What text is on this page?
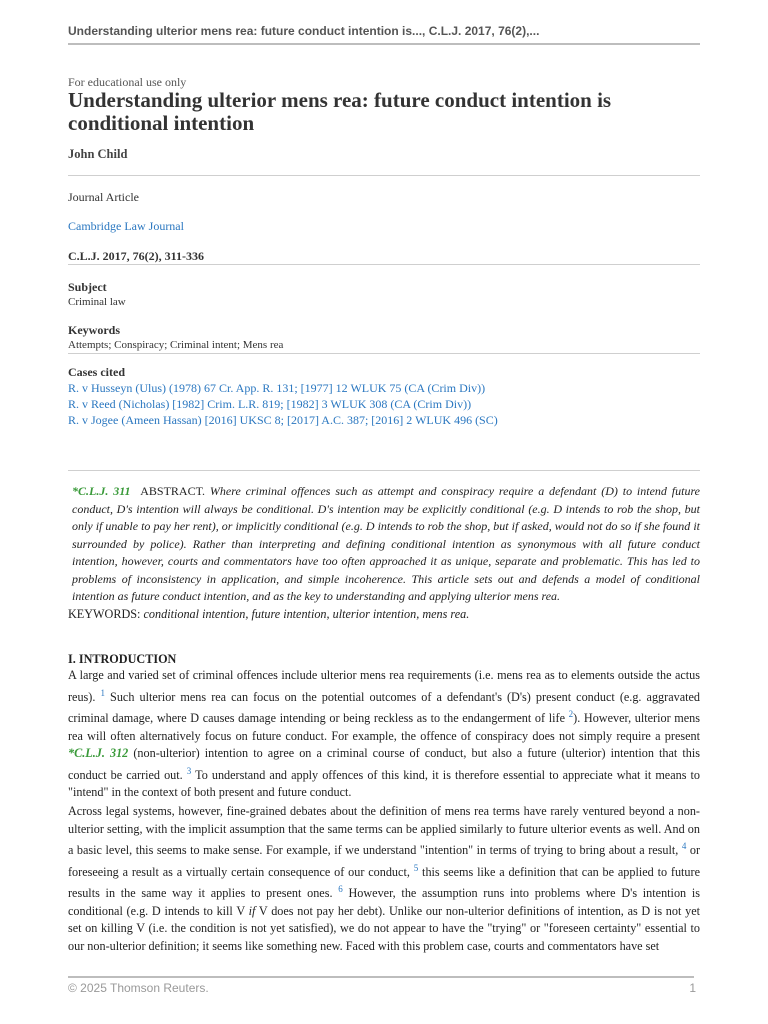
Understanding ulterior mens rea: future conduct intention is..., C.L.J. 2017, 76(2),...
For educational use only
Understanding ulterior mens rea: future conduct intention is conditional intention
John Child
Journal Article
Cambridge Law Journal
C.L.J. 2017, 76(2), 311-336
Subject
Criminal law
Keywords
Attempts; Conspiracy; Criminal intent; Mens rea
Cases cited
R. v Husseyn (Ulus) (1978) 67 Cr. App. R. 131; [1977] 12 WLUK 75 (CA (Crim Div))
R. v Reed (Nicholas) [1982] Crim. L.R. 819; [1982] 3 WLUK 308 (CA (Crim Div))
R. v Jogee (Ameen Hassan) [2016] UKSC 8; [2017] A.C. 387; [2016] 2 WLUK 496 (SC)
*C.L.J. 311 ABSTRACT. Where criminal offences such as attempt and conspiracy require a defendant (D) to intend future conduct, D's intention will always be conditional. D's intention may be explicitly conditional (e.g. D intends to rob the shop, but only if unable to pay her rent), or implicitly conditional (e.g. D intends to rob the shop, but if asked, would not do so if she found it surrounded by police). Rather than interpreting and defining conditional intention as synonymous with all future conduct intention, however, courts and commentators have too often approached it as unique, separate and problematic. This has led to problems of inconsistency in application, and simple incoherence. This article sets out and defends a model of conditional intention as future conduct intention, and as the key to understanding and applying ulterior mens rea.
KEYWORDS: conditional intention, future intention, ulterior intention, mens rea.
I. INTRODUCTION
A large and varied set of criminal offences include ulterior mens rea requirements (i.e. mens rea as to elements outside the actus reus). $^1$ Such ulterior mens rea can focus on the potential outcomes of a defendant's (D's) present conduct (e.g. aggravated criminal damage, where D causes damage intending or being reckless as to the endangerment of life $^2$). However, ulterior mens rea will often alternatively focus on future conduct. For example, the offence of conspiracy does not simply require a present *C.L.J. 312 (non-ulterior) intention to agree on a criminal course of conduct, but also a future (ulterior) intention that this conduct be carried out. $^3$ To understand and apply offences of this kind, it is therefore essential to appreciate what it means to "intend" in the context of both present and future conduct.
Across legal systems, however, fine-grained debates about the definition of mens rea terms have rarely ventured beyond a non-ulterior setting, with the implicit assumption that the same terms can be applied similarly to future ulterior events as well. And on a basic level, this seems to make sense. For example, if we understand "intention" in terms of trying to bring about a result, $^4$ or foreseeing a result as a virtually certain consequence of our conduct, $^5$ this seems like a definition that can be applied to future results in the same way it applies to present ones. $^6$ However, the assumption runs into problems where D's intention is conditional (e.g. D intends to kill V if V does not pay her debt). Unlike our non-ulterior definitions of intention, as D is not yet set on killing V (i.e. the condition is not yet satisfied), we do not appear to have the "trying" or "foreseen certainty" essential to our non-ulterior definition; it seems like something new. Faced with this problem case, courts and commentators have set
© 2025 Thomson Reuters.	1
